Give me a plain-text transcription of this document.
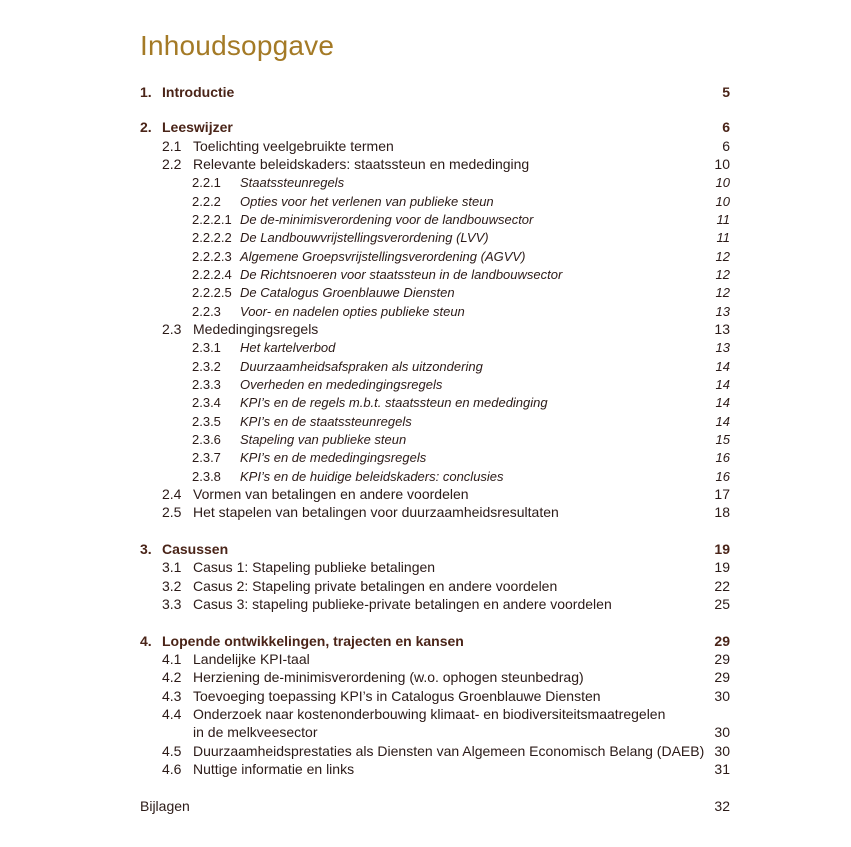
Inhoudsopgave
1. Introductie	5
2. Leeswijzer	6
2.1 Toelichting veelgebruikte termen	6
2.2 Relevante beleidskaders: staatssteun en mededinging	10
2.2.1 Staatssteunregels	10
2.2.2 Opties voor het verlenen van publieke steun	10
2.2.2.1 De de-minimisverordening voor de landbouwsector	11
2.2.2.2 De Landbouwvrijstellingsverordening (LVV)	11
2.2.2.3 Algemene Groepsvrijstellingsverordening (AGVV)	12
2.2.2.4 De Richtsnoeren voor staatssteun in de landbouwsector	12
2.2.2.5 De Catalogus Groenblauwe Diensten	12
2.2.3 Voor- en nadelen opties publieke steun	13
2.3 Mededingingsregels	13
2.3.1 Het kartelverbod	13
2.3.2 Duurzaamheidsafspraken als uitzondering	14
2.3.3 Overheden en mededingingsregels	14
2.3.4 KPI’s en de regels m.b.t. staatssteun en mededinging	14
2.3.5 KPI’s en de staatssteunregels	14
2.3.6 Stapeling van publieke steun	15
2.3.7 KPI’s en de mededingingsregels	16
2.3.8 KPI’s en de huidige beleidskaders: conclusies	16
2.4 Vormen van betalingen en andere voordelen	17
2.5 Het stapelen van betalingen voor duurzaamheidsresultaten	18
3. Casussen	19
3.1 Casus 1: Stapeling publieke betalingen	19
3.2 Casus 2: Stapeling private betalingen en andere voordelen	22
3.3 Casus 3: stapeling publieke-private betalingen en andere voordelen	25
4. Lopende ontwikkelingen, trajecten en kansen	29
4.1 Landelijke KPI-taal	29
4.2 Herziening de-minimisverordening (w.o. ophogen steunbedrag)	29
4.3 Toevoeging toepassing KPI’s in Catalogus Groenblauwe Diensten	30
4.4 Onderzoek naar kostenonderbouwing klimaat- en biodiversiteitsmaatregelen
in de melkveesector	30
4.5 Duurzaamheidsprestaties als Diensten van Algemeen Economisch Belang (DAEB) 30
4.6 Nuttige informatie en links	31
Bijlagen	32
